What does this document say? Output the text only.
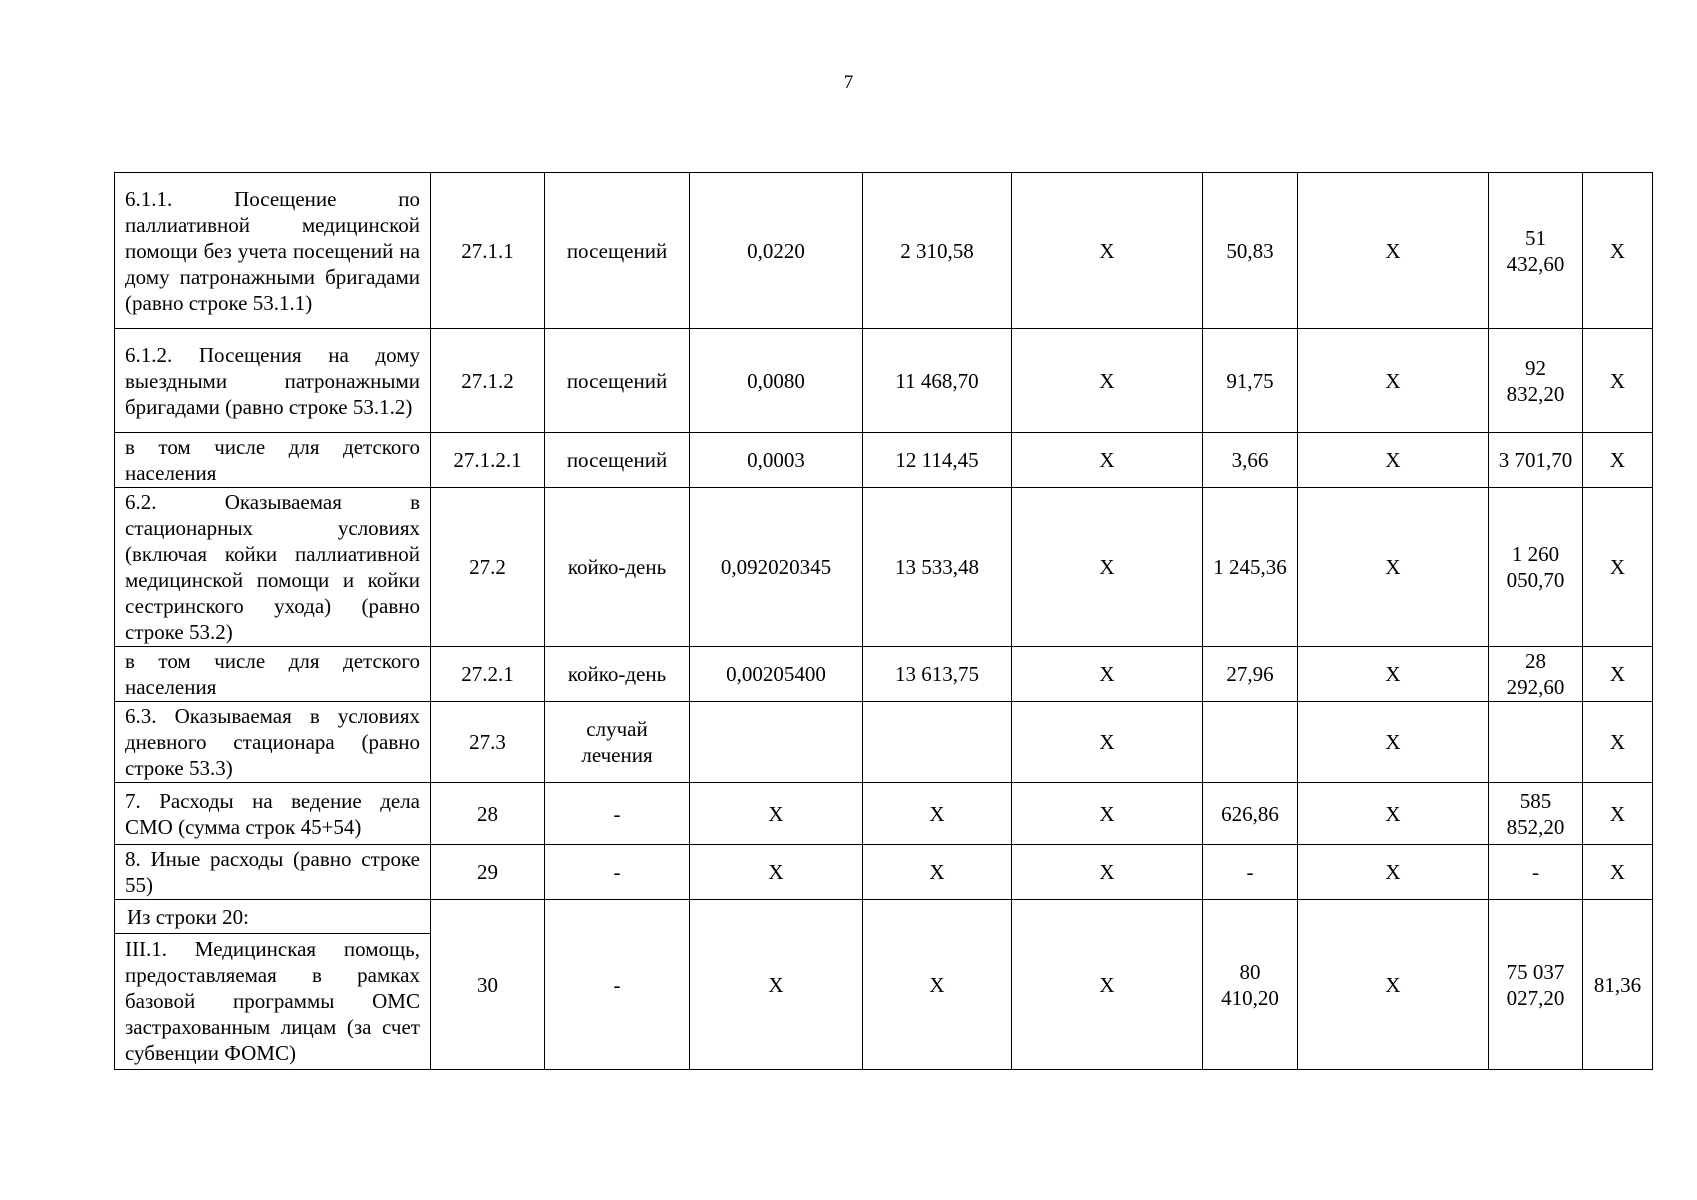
7
6.1.1. Посещение по паллиативной медицинской помощи без учета посещений на дому патронажными бригадами (равно строке 53.1.1)	27.1.1	посещений	0,0220	2 310,58	X	50,83	X	51 432,60	X
6.1.2. Посещения на дому выездными патронажными бригадами (равно строке 53.1.2)	27.1.2	посещений	0,0080	11 468,70	X	91,75	X	92 832,20	X
в том числе для детского населения	27.1.2.1	посещений	0,0003	12 114,45	X	3,66	X	3 701,70	X
6.2. Оказываемая в стационарных условиях (включая койки паллиативной медицинской помощи и койки сестринского ухода) (равно строке 53.2)	27.2	койко-день	0,092020345	13 533,48	X	1 245,36	X	1 260 050,70	X
в том числе для детского населения	27.2.1	койко-день	0,00205400	13 613,75	X	27,96	X	28 292,60	X
6.3. Оказываемая в условиях дневного стационара (равно строке 53.3)	27.3	случай лечения			X		X		X
7. Расходы на ведение дела СМО (сумма строк 45+54)	28	-	X	X	X	626,86	X	585 852,20	X
8. Иные расходы (равно строке 55)	29	-	X	X	X	-	X	-	X

Из строки 20:
III.1. Медицинская помощь, предоставляемая в рамках базовой программы ОМС застрахованным лицам (за счет субвенции ФОМС)	30	-	X	X	X	80 410,20	X	75 037 027,20	81,36
